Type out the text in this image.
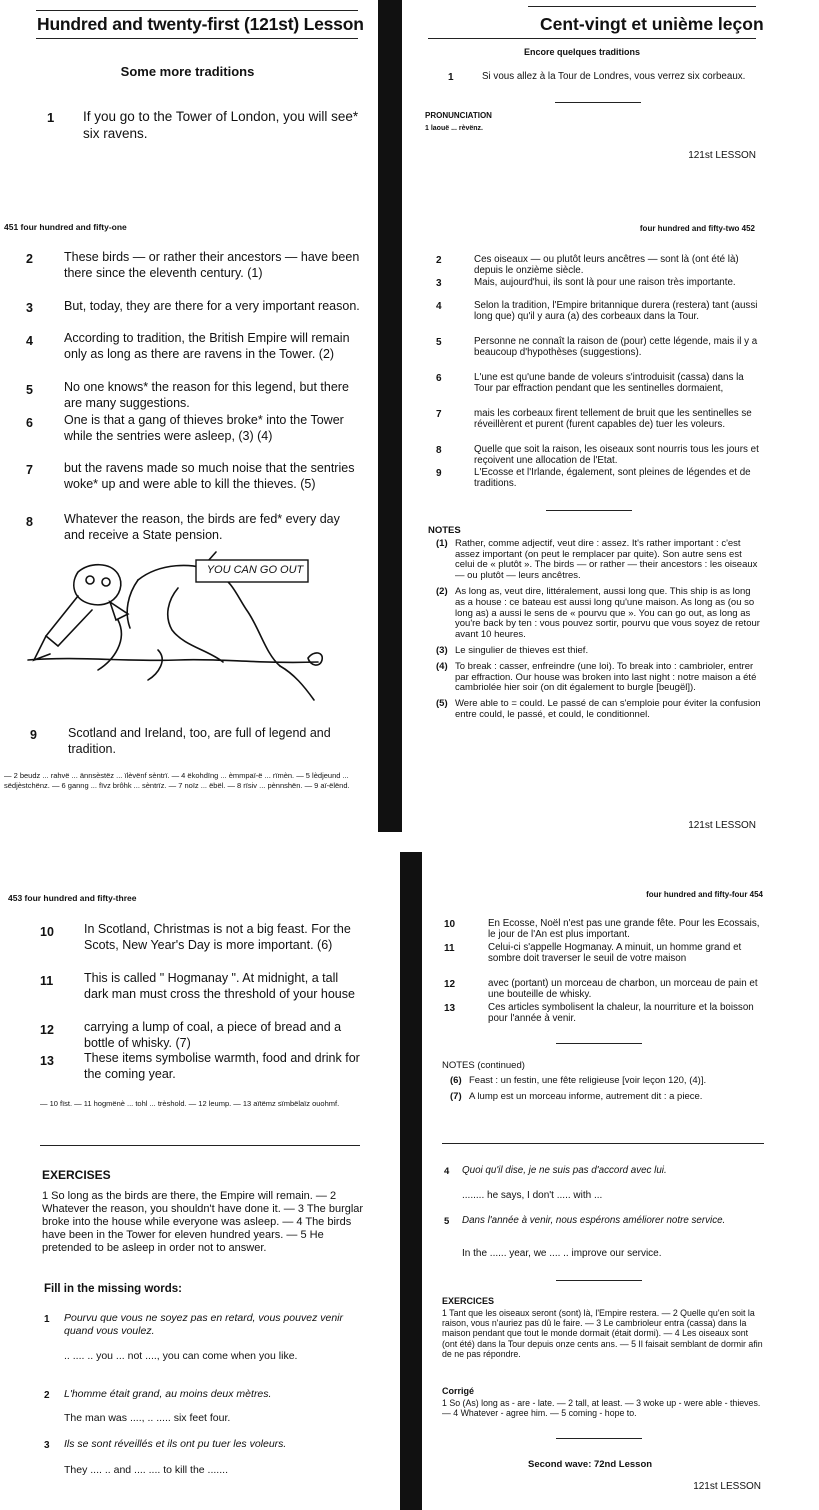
Hundred and twenty-first (121st) Lesson
Some more traditions
1 If you go to the Tower of London, you will see* six ravens.
451 four hundred and fifty-one
2 These birds — or rather their ancestors — have been there since the eleventh century. (1)
3 But, today, they are there for a very important reason.
4 According to tradition, the British Empire will remain only as long as there are ravens in the Tower. (2)
5 No one knows* the reason for this legend, but there are many suggestions.
6 One is that a gang of thieves broke* into the Tower while the sentries were asleep, (3) (4)
7 but the ravens made so much noise that the sentries woke* up and were able to kill the thieves. (5)
8 Whatever the reason, the birds are fed* every day and receive a State pension.
YOU CAN GO OUT
9 Scotland and Ireland, too, are full of legend and tradition.
— 2 beudz ... rahvë ... ännsèstëz ... ïlèvënf sèntrï. — 4 ëkohdïng ... èmmpaï-ë ... rïmèn. — 5 lèdjeund ... sëdjèstchënz. — 6 ganng ... fïvz brôhk ... sèntrïz. — 7 noïz ... ëbël. — 8 rïsiv ... pènnshën. — 9 aï-ëlënd.
453 four hundred and fifty-three
10 In Scotland, Christmas is not a big feast. For the Scots, New Year's Day is more important. (6)
11 This is called " Hogmanay ". At midnight, a tall dark man must cross the threshold of your house
12 carrying a lump of coal, a piece of bread and a bottle of whisky. (7)
13 These items symbolise warmth, food and drink for the coming year.
— 10 fïst. — 11 hogmënè ... tohl ... trèshold. — 12 leump. — 13 aïtëmz sïmbëlaïz ouohmf.
EXERCISES
1 So long as the birds are there, the Empire will remain. — 2 Whatever the reason, you shouldn't have done it. — 3 The burglar broke into the house while everyone was asleep. — 4 The birds have been in the Tower for eleven hundred years. — 5 He pretended to be asleep in order not to answer.
Fill in the missing words:
1 Pourvu que vous ne soyez pas en retard, vous pouvez venir quand vous voulez.
.. .... .. you ... not ...., you can come when you like.
2 L'homme était grand, au moins deux mètres.
The man was ...., .. ..... six feet four.
3 Ils se sont réveillés et ils ont pu tuer les voleurs.
They .... .. and .... .... to kill the .......
Cent-vingt et unième leçon
Encore quelques traditions
1	Si vous allez à la Tour de Londres, vous verrez six corbeaux.
PRONUNCIATION
1 laouë ... rèvënz.
121st LESSON
four hundred and fifty-two 452
2	Ces oiseaux — ou plutôt leurs ancêtres — sont là (ont été là) depuis le onzième siècle.
3	Mais, aujourd'hui, ils sont là pour une raison très importante.
4	Selon la tradition, l'Empire britannique durera (restera) tant (aussi long que) qu'il y aura (a) des corbeaux dans la Tour.
5	Personne ne connaît la raison de (pour) cette légende, mais il y a beaucoup d'hypothèses (suggestions).
6	L'une est qu'une bande de voleurs s'introduisit (cassa) dans la Tour par effraction pendant que les sentinelles dormaient,
7	mais les corbeaux firent tellement de bruit que les sentinelles se réveillèrent et purent (furent capables de) tuer les voleurs.
8	Quelle que soit la raison, les oiseaux sont nourris tous les jours et reçoivent une allocation de l'Etat.
9	L'Ecosse et l'Irlande, également, sont pleines de légendes et de traditions.
NOTES
(1) Rather, comme adjectif, veut dire : assez. It's rather important : c'est assez important (on peut le remplacer par quite). Son autre sens est celui de « plutôt ». The birds — or rather — their ancestors : les oiseaux — ou plutôt — leurs ancêtres.
(2) As long as, veut dire, littéralement, aussi long que. This ship is as long as a house : ce bateau est aussi long qu'une maison. As long as (ou so long as) a aussi le sens de « pourvu que ». You can go out, as long as you're back by ten : vous pouvez sortir, pourvu que vous soyez de retour avant 10 heures.
(3) Le singulier de thieves est thief.
(4) To break : casser, enfreindre (une loi). To break into : cambrioler, entrer par effraction. Our house was broken into last night : notre maison a été cambriolée hier soir (on dit également to burgle [beugël]).
(5) Were able to = could. Le passé de can s'emploie pour éviter la confusion entre could, le passé, et could, le conditionnel.
121st LESSON
four hundred and fifty-four 454
10	En Ecosse, Noël n'est pas une grande fête. Pour les Ecossais, le jour de l'An est plus important.
11	Celui-ci s'appelle Hogmanay. A minuit, un homme grand et sombre doit traverser le seuil de votre maison
12	avec (portant) un morceau de charbon, un morceau de pain et une bouteille de whisky.
13	Ces articles symbolisent la chaleur, la nourriture et la boisson pour l'année à venir.
NOTES (continued)
(6) Feast : un festin, une fête religieuse [voir leçon 120, (4)].
(7) A lump est un morceau informe, autrement dit : a piece.
4 Quoi qu'il dise, je ne suis pas d'accord avec lui.
........ he says, I don't ..... with ...
5 Dans l'année à venir, nous espérons améliorer notre service.
In the ...... year, we .... .. improve our service.
EXERCICES
1 Tant que les oiseaux seront (sont) là, l'Empire restera. — 2 Quelle qu'en soit la raison, vous n'auriez pas dû le faire. — 3 Le cambrioleur entra (cassa) dans la maison pendant que tout le monde dormait (était dormi). — 4 Les oiseaux sont (ont été) dans la Tour depuis onze cents ans. — 5 Il faisait semblant de dormir afin de ne pas répondre.
Corrigé
1 So (As) long as - are - late. — 2 tall, at least. — 3 woke up - were able - thieves. — 4 Whatever - agree him. — 5 coming - hope to.
Second wave: 72nd Lesson
121st LESSON
